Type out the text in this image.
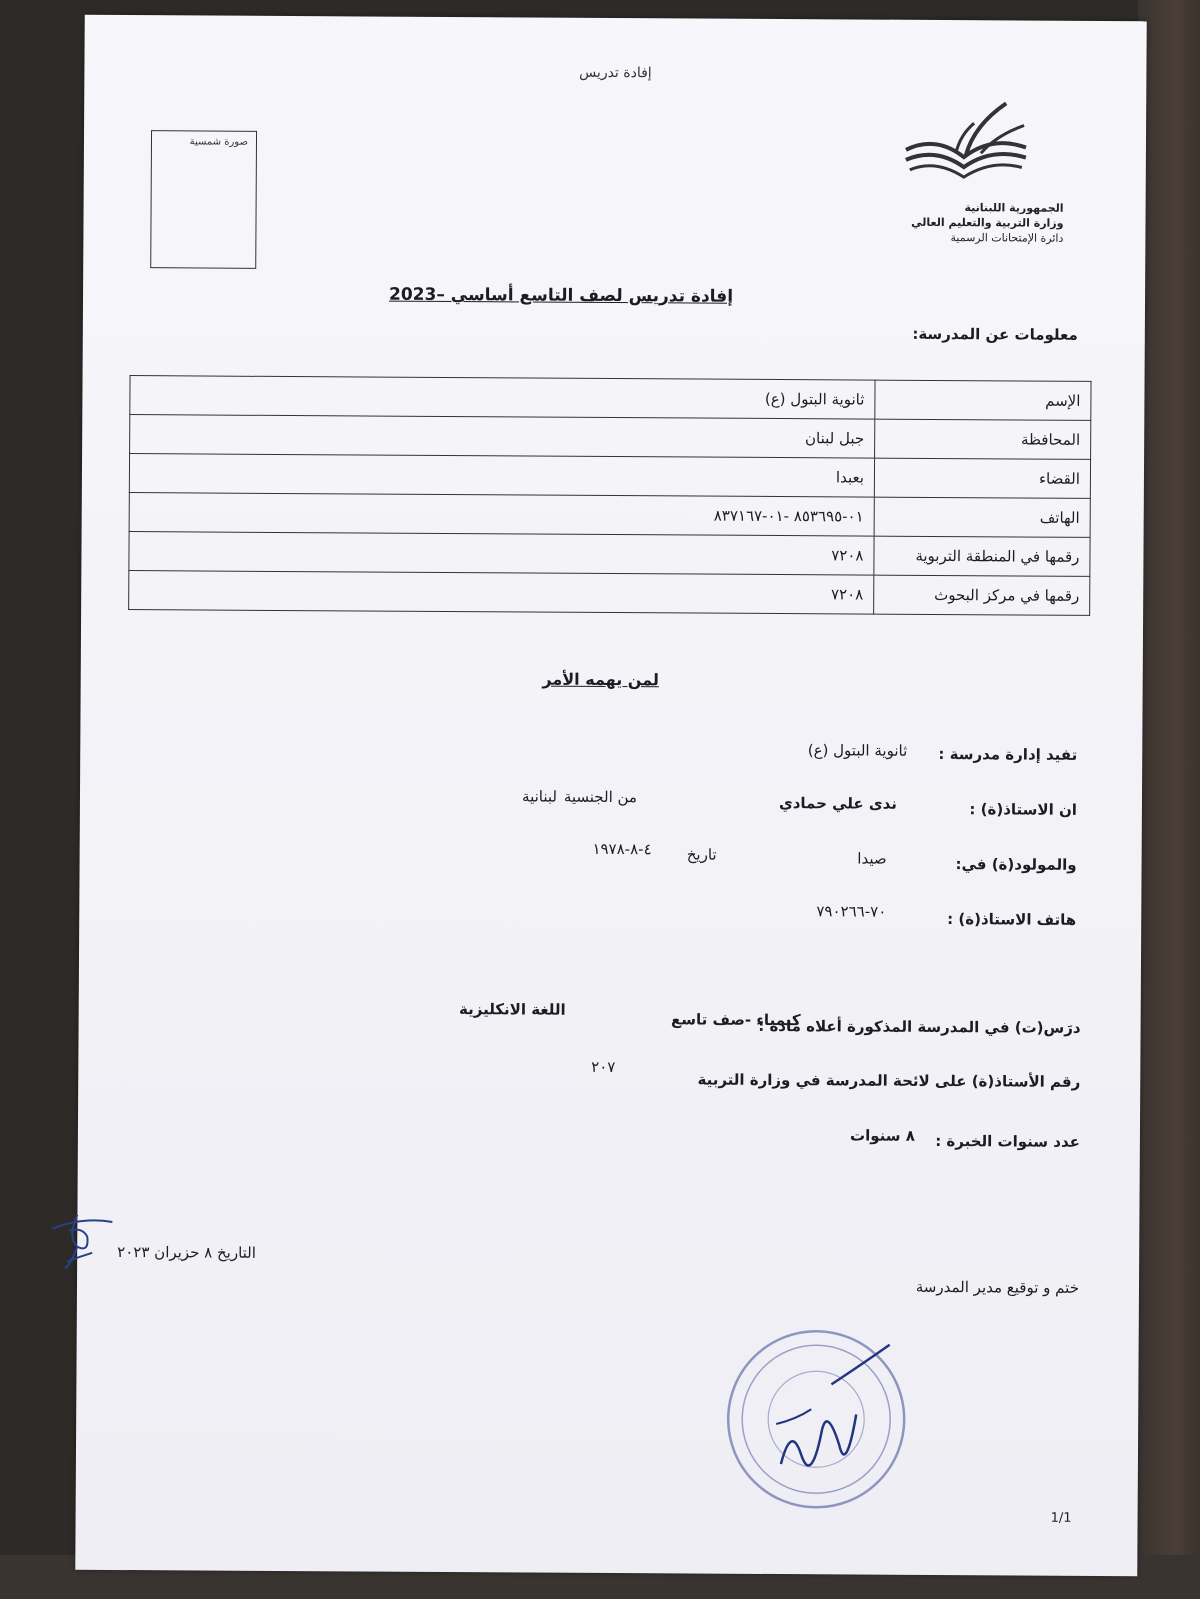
إفادة تدريس
صورة شمسية
الجمهورية اللبنانية
وزارة التربية والتعليم العالي
دائرة الإمتحانات الرسمية
إفادة تدريس لصف التاسع أساسي –2023
معلومات عن المدرسة:
الإسم	ثانوية البتول (ع)
المحافظة	جبل لبنان
القضاء	بعبدا
الهاتف	٠١-٨٥٣٦٩٥ -٠١-٨٣٧١٦٧
رقمها في المنطقة التربوية	٧٢٠٨
رقمها في مركز البحوث	٧٢٠٨
لمن يهمه الأمر
تفيد إدارة مدرسة :
ثانوية البتول (ع)
ان الاستاذ(ة) :
ندى علي حمادي
من الجنسية
لبنانية
والمولود(ة) في:
صيدا
تاريخ
٤-٨-١٩٧٨
هاتف الاستاذ(ة) :
٧٠-٧٩٠٢٦٦
درَس(ت) في المدرسة المذكورة أعلاه مادة :
كيمياء -صف تاسع
اللغة الانكليزية
رقم الأستاذ(ة) على لائحة المدرسة في وزارة التربية
٢٠٧
عدد سنوات الخبرة :
٨ سنوات
التاريخ ٨ حزيران ٢٠٢٣
ختم و توقيع مدير المدرسة
1/1
